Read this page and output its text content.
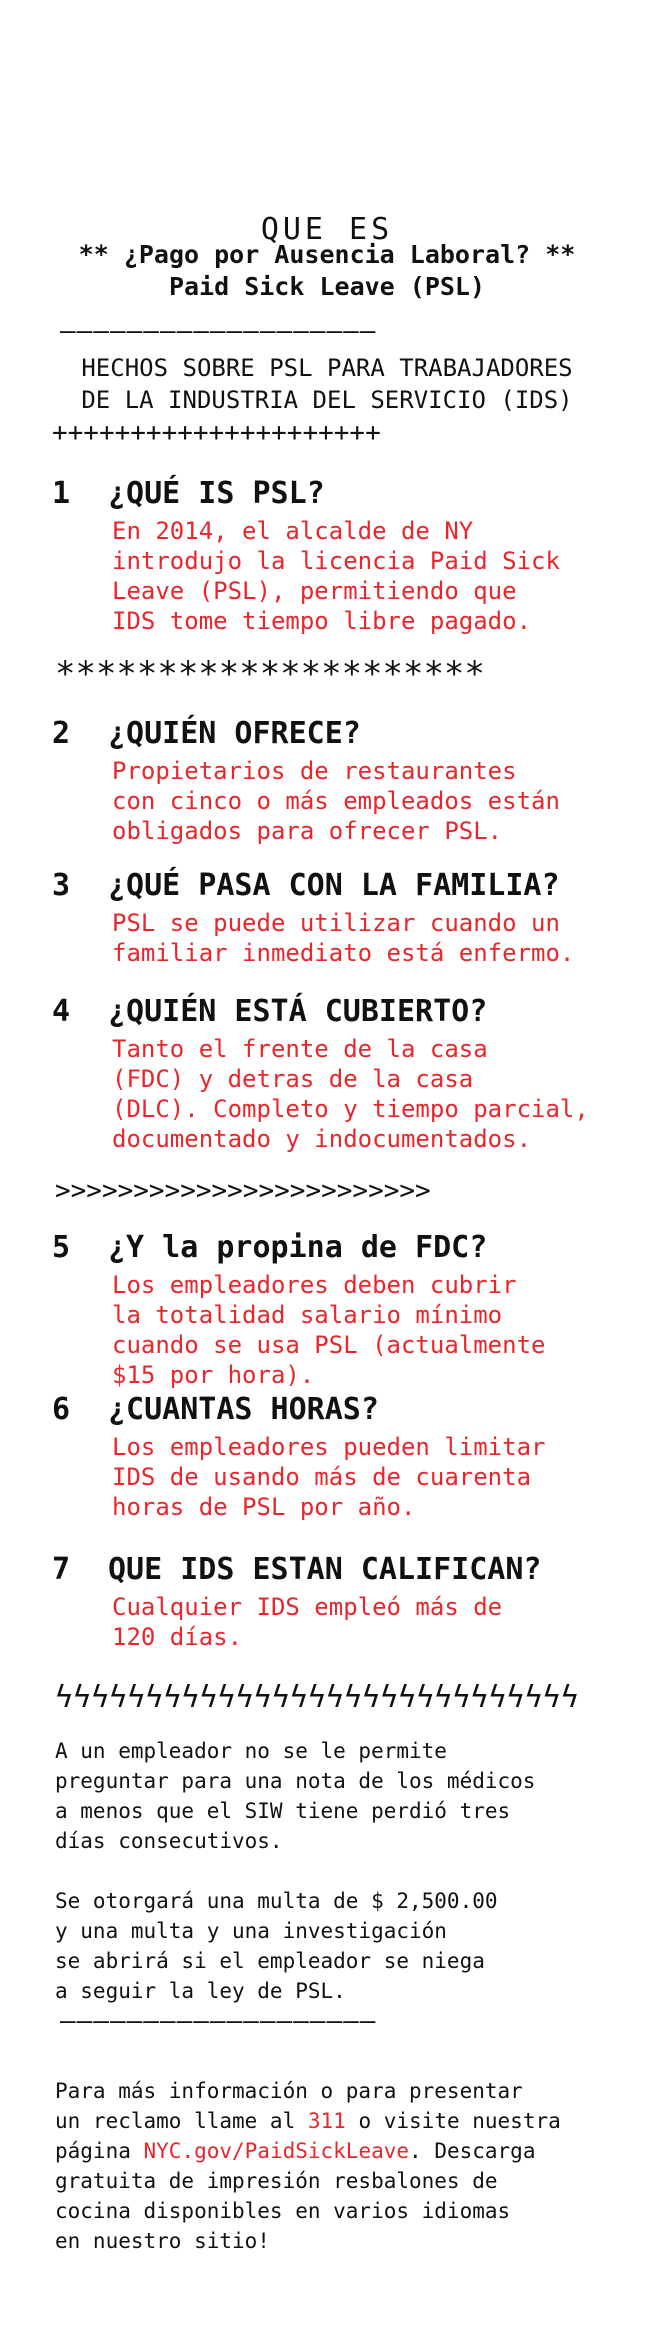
QUE ES
** ¿Pago por Ausencia Laboral? **
Paid Sick Leave (PSL)
———————————————————
HECHOS SOBRE PSL PARA TRABAJADORES
DE LA INDUSTRIA DEL SERVICIO (IDS)
+++++++++++++++++++++
1 ¿QUÉ IS PSL?
En 2014, el alcalde de NY
introdujo la licencia Paid Sick
Leave (PSL), permitiendo que
IDS tome tiempo libre pagado.
*********************
2 ¿QUIÉN OFRECE?
Propietarios de restaurantes
con cinco o más empleados están
obligados para ofrecer PSL.
3 ¿QUÉ PASA CON LA FAMILIA?
PSL se puede utilizar cuando un
familiar inmediato está enfermo.
4 ¿QUIÉN ESTÁ CUBIERTO?
Tanto el frente de la casa
(FDC) y detras de la casa
(DLC). Completo y tiempo parcial,
documentado y indocumentados.
>>>>>>>>>>>>>>>>>>>>>>>>
5 ¿Y la propina de FDC?
Los empleadores deben cubrir
la totalidad salario mínimo
cuando se usa PSL (actualmente
$15 por hora).
6 ¿CUANTAS HORAS?
Los empleadores pueden limitar
IDS de usando más de cuarenta
horas de PSL por año.
7 QUE IDS ESTAN CALIFICAN?
Cualquier IDS empleó más de
120 días.
ϟϟϟϟϟϟϟϟϟϟϟϟϟϟϟϟϟϟϟϟϟϟϟϟϟϟϟϟϟ
A un empleador no se le permite
preguntar para una nota de los médicos
a menos que el SIW tiene perdió tres
días consecutivos.
Se otorgará una multa de $ 2,500.00
y una multa y una investigación
se abrirá si el empleador se niega
a seguir la ley de PSL.
———————————————————
Para más información o para presentar
un reclamo llame al 311 o visite nuestra
página NYC.gov/PaidSickLeave. Descarga
gratuita de impresión resbalones de
cocina disponibles en varios idiomas
en nuestro sitio!
